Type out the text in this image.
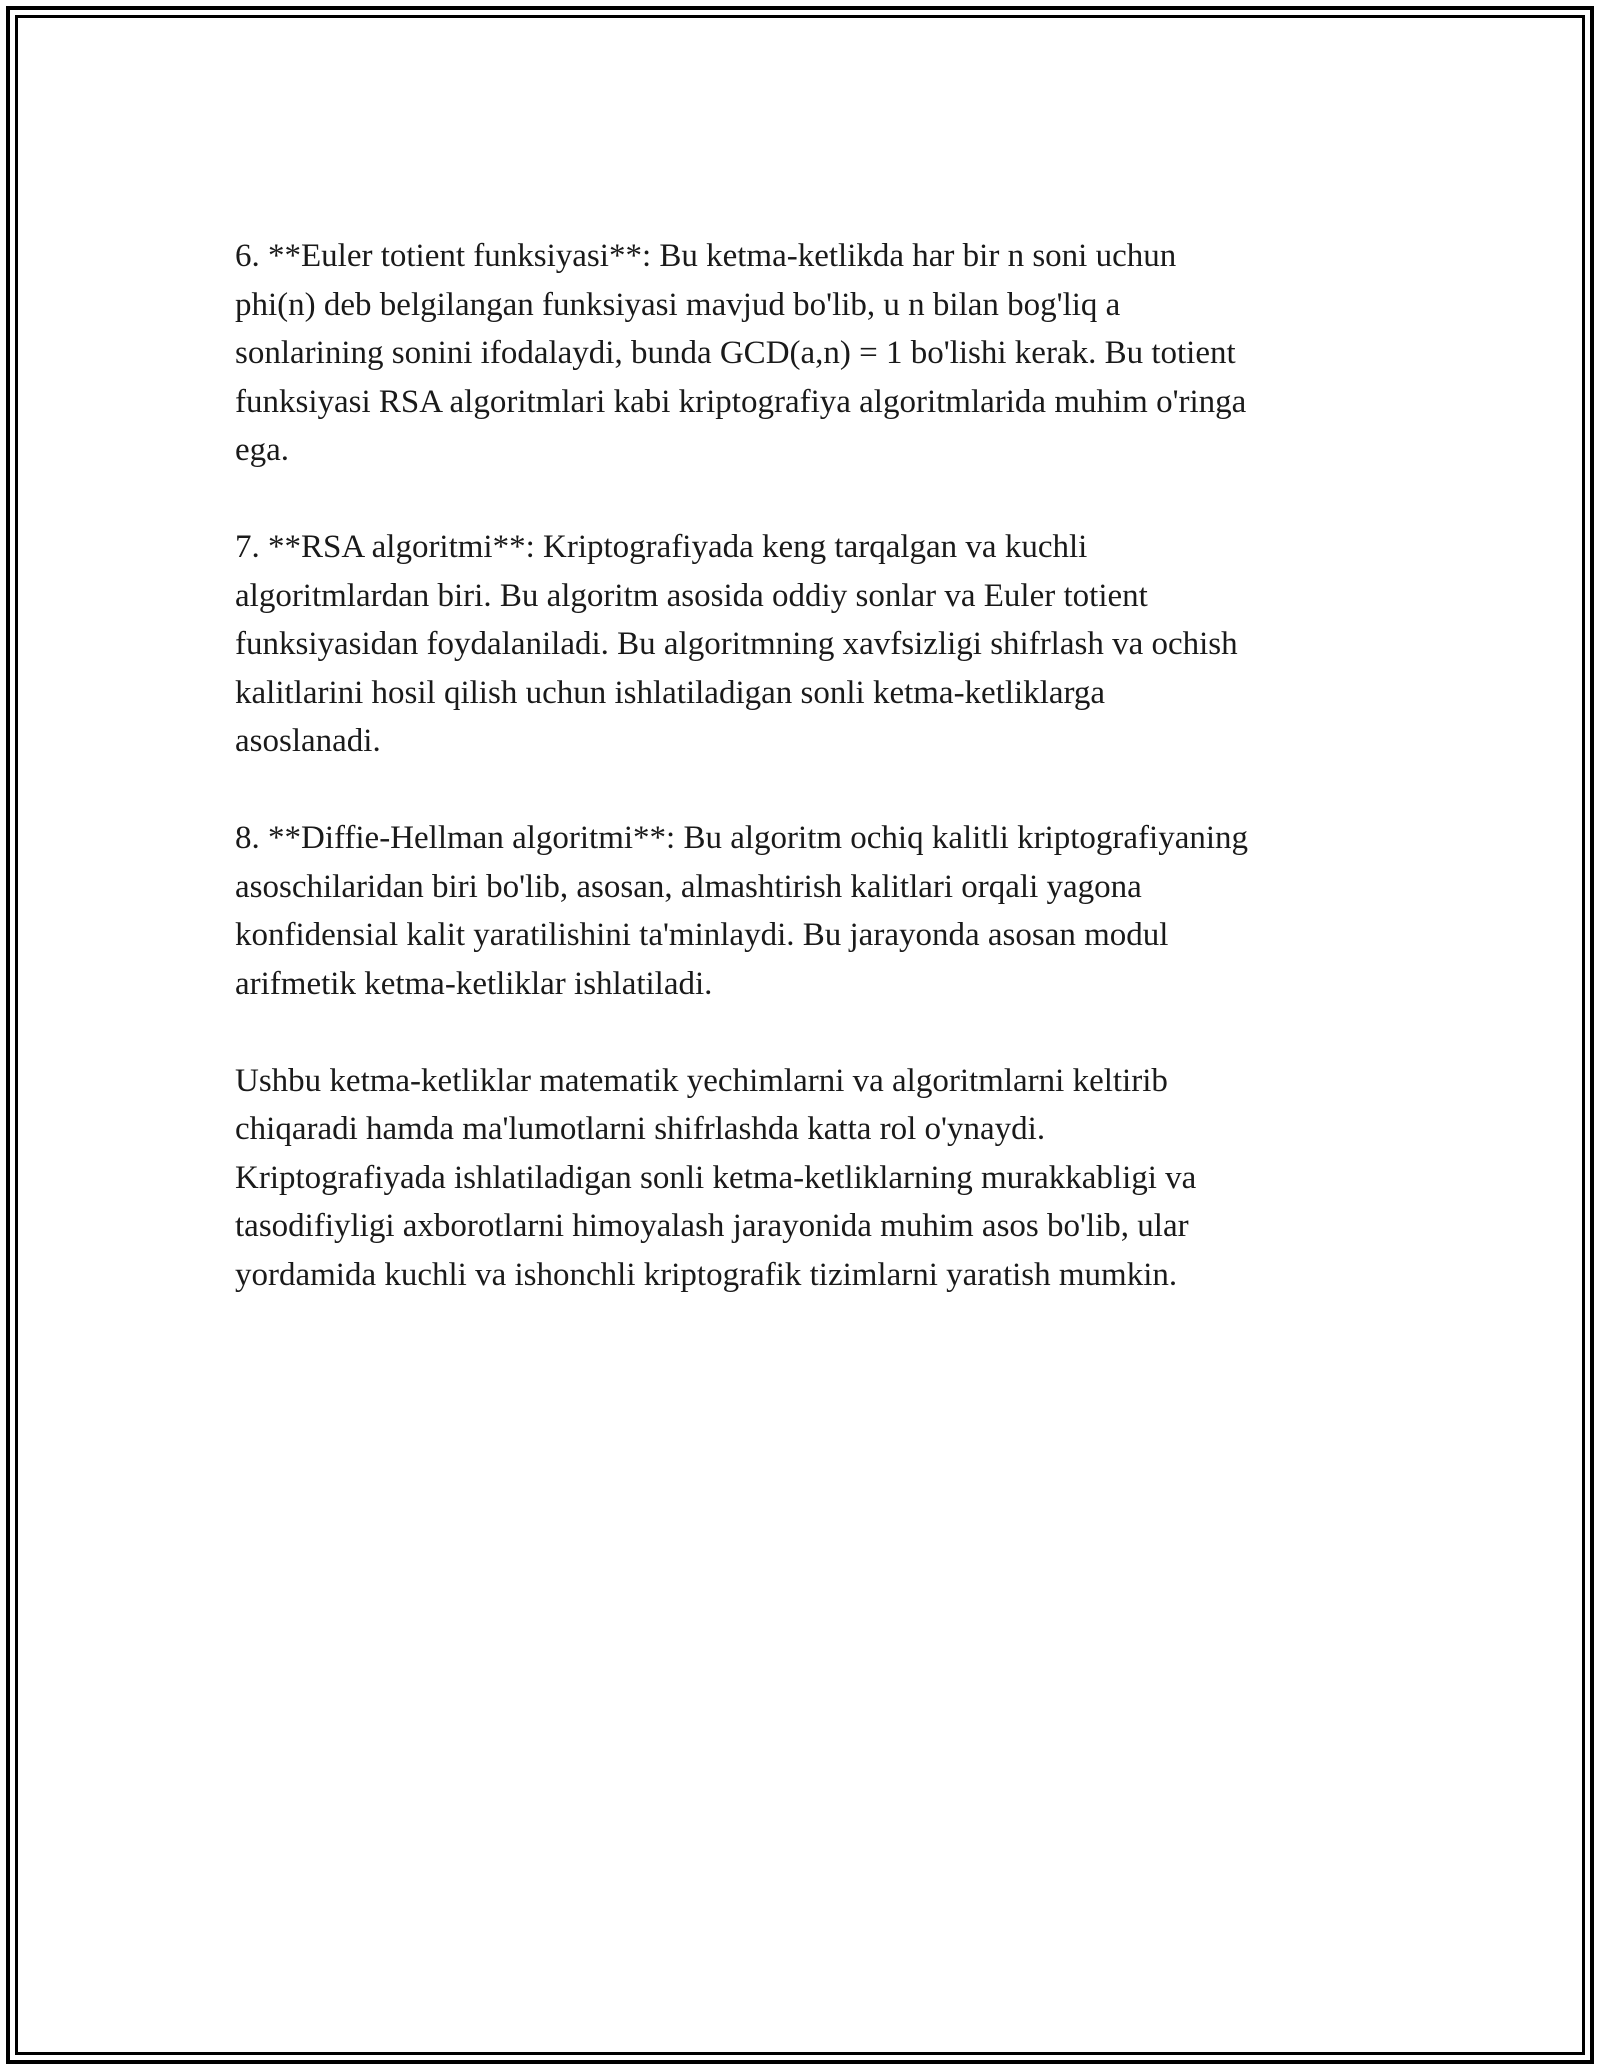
6. **Euler totient funksiyasi**: Bu ketma-ketlikda har bir n soni uchun
phi(n) deb belgilangan funksiyasi mavjud bo'lib, u n bilan bog'liq a
sonlarining sonini ifodalaydi, bunda GCD(a,n) = 1 bo'lishi kerak. Bu totient
funksiyasi RSA algoritmlari kabi kriptografiya algoritmlarida muhim o'ringa
ega.

7. **RSA algoritmi**: Kriptografiyada keng tarqalgan va kuchli
algoritmlardan biri. Bu algoritm asosida oddiy sonlar va Euler totient
funksiyasidan foydalaniladi. Bu algoritmning xavfsizligi shifrlash va ochish
kalitlarini hosil qilish uchun ishlatiladigan sonli ketma-ketliklarga
asoslanadi.

8. **Diffie-Hellman algoritmi**: Bu algoritm ochiq kalitli kriptografiyaning
asoschilaridan biri bo'lib, asosan, almashtirish kalitlari orqali yagona
konfidensial kalit yaratilishini ta'minlaydi. Bu jarayonda asosan modul
arifmetik ketma-ketliklar ishlatiladi.

Ushbu ketma-ketliklar matematik yechimlarni va algoritmlarni keltirib
chiqaradi hamda ma'lumotlarni shifrlashda katta rol o'ynaydi.
Kriptografiyada ishlatiladigan sonli ketma-ketliklarning murakkabligi va
tasodifiyligi axborotlarni himoyalash jarayonida muhim asos bo'lib, ular
yordamida kuchli va ishonchli kriptografik tizimlarni yaratish mumkin.
